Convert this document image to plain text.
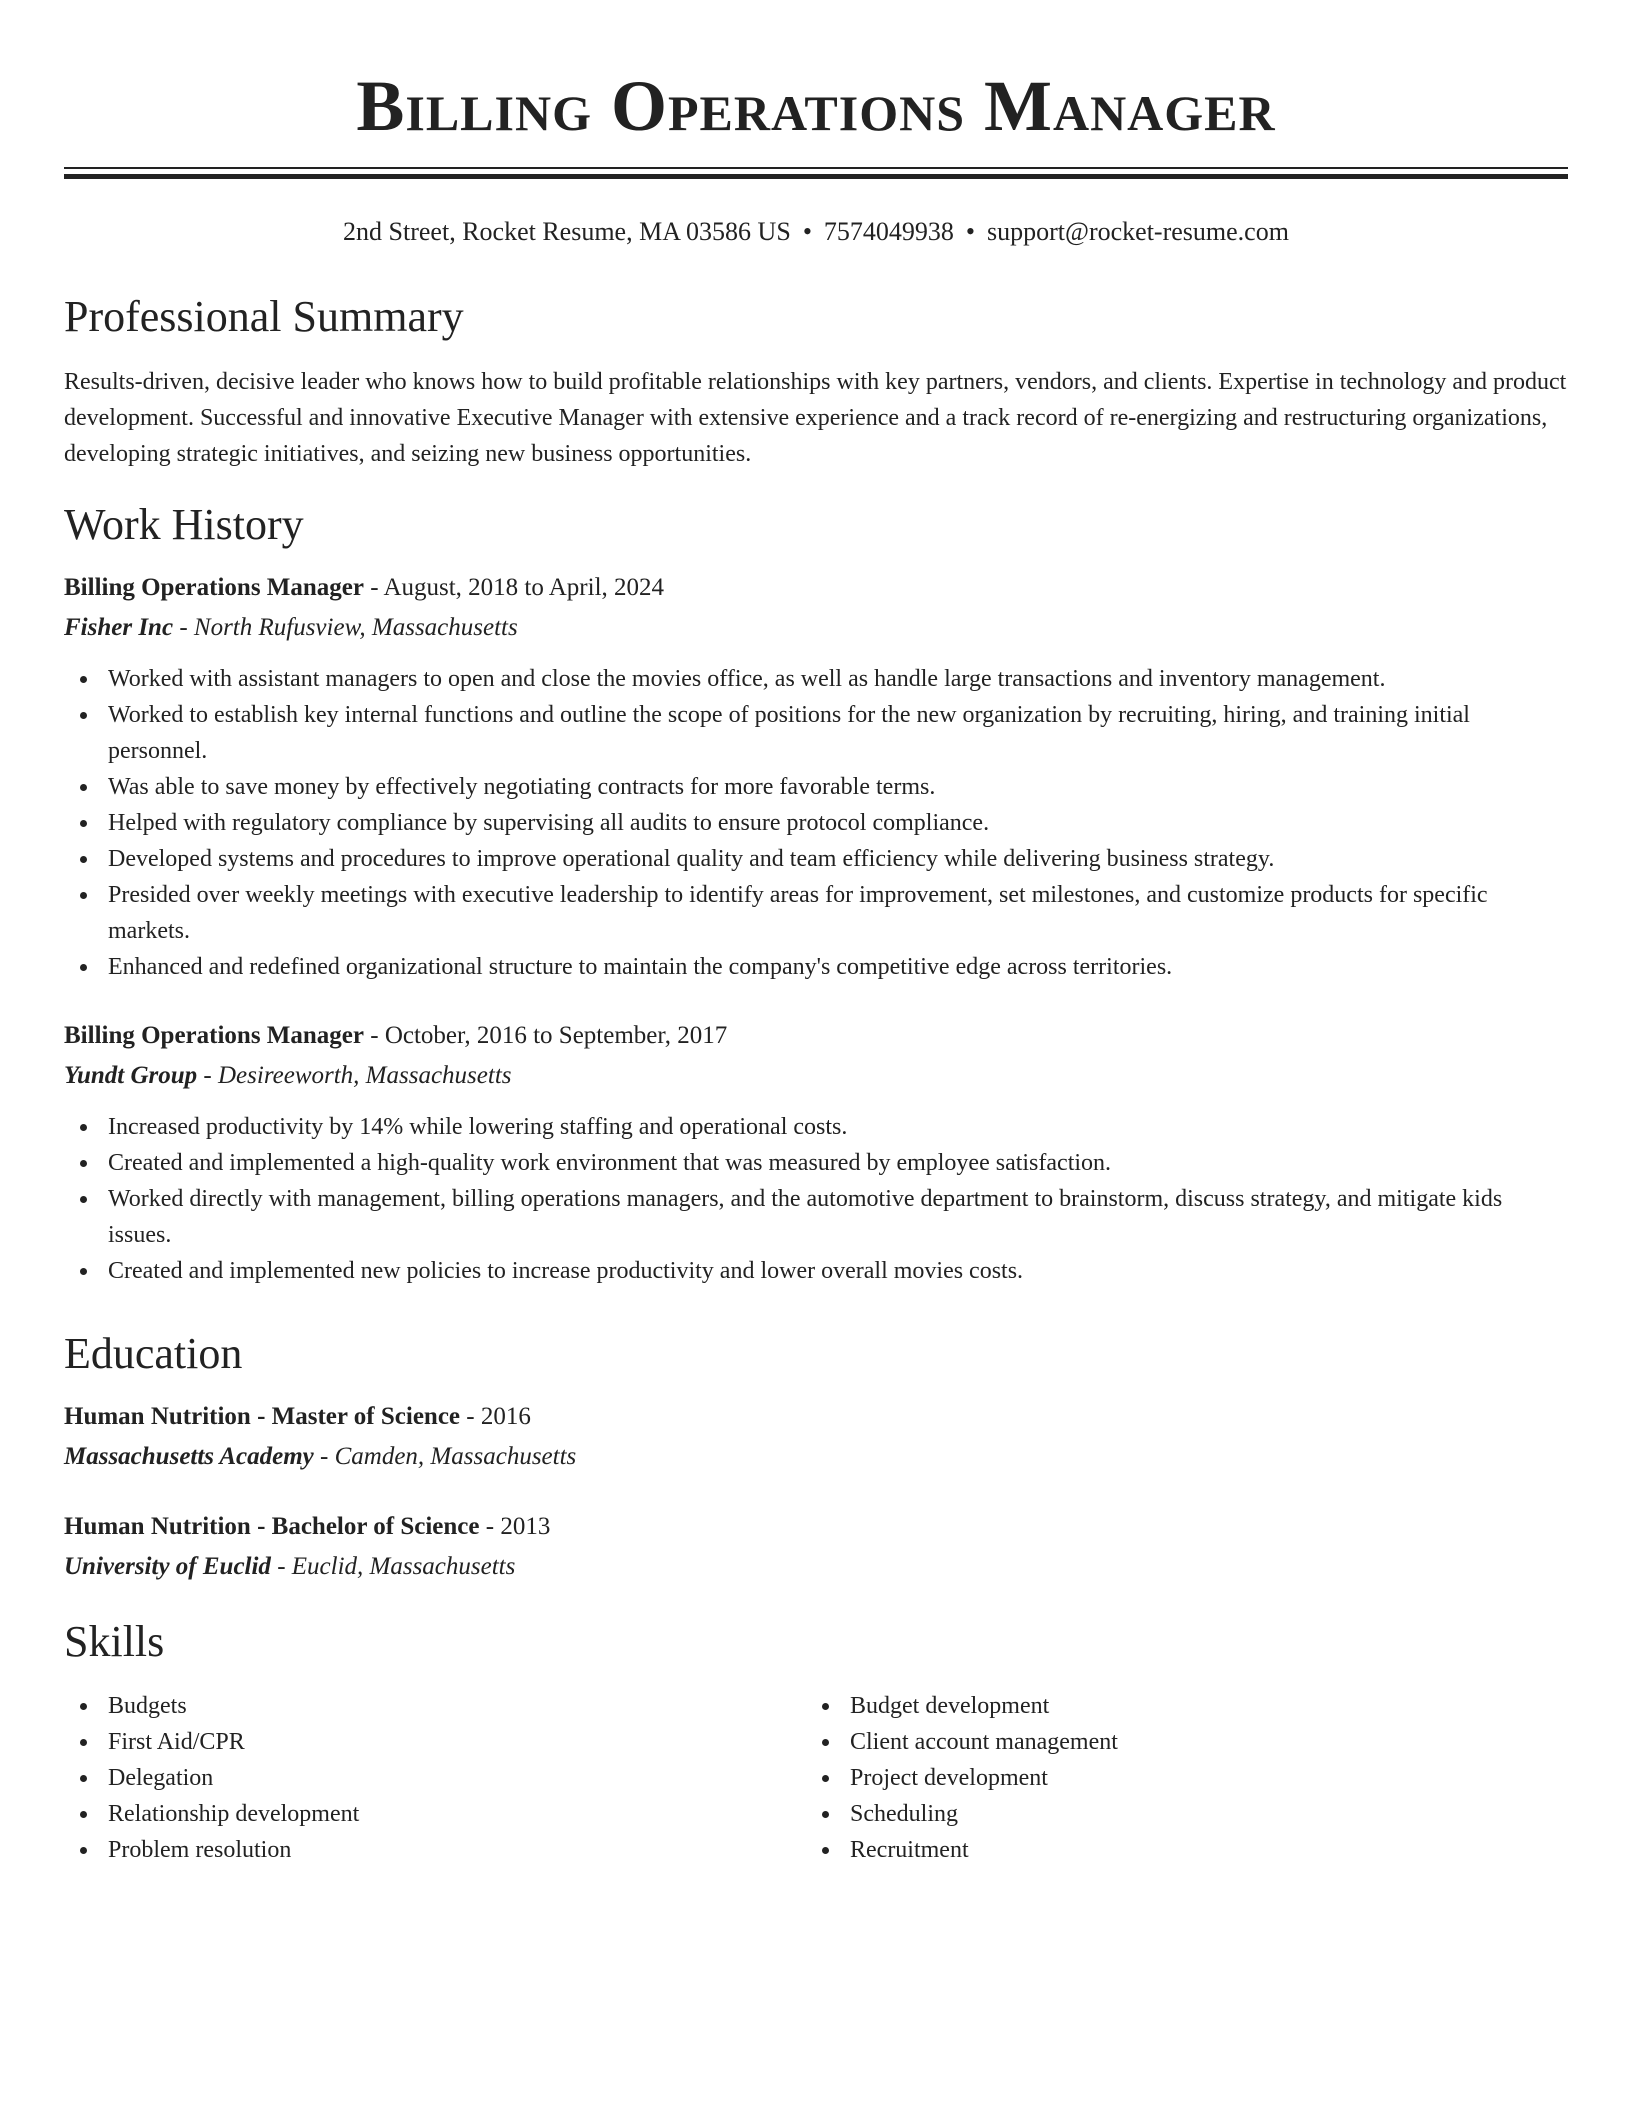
Billing Operations Manager
2nd Street, Rocket Resume, MA 03586 US • 7574049938 • support@rocket-resume.com
Professional Summary

Results-driven, decisive leader who knows how to build profitable relationships with key partners, vendors, and clients. Expertise in technology and product development. Successful and innovative Executive Manager with extensive experience and a track record of re-energizing and restructuring organizations, developing strategic initiatives, and seizing new business opportunities.

Work History
Billing Operations Manager - August, 2018 to April, 2024
Fisher Inc - North Rufusview, Massachusetts
Worked with assistant managers to open and close the movies office, as well as handle large transactions and inventory management.
Worked to establish key internal functions and outline the scope of positions for the new organization by recruiting, hiring, and training initial personnel.
Was able to save money by effectively negotiating contracts for more favorable terms.
Helped with regulatory compliance by supervising all audits to ensure protocol compliance.
Developed systems and procedures to improve operational quality and team efficiency while delivering business strategy.
Presided over weekly meetings with executive leadership to identify areas for improvement, set milestones, and customize products for specific markets.
Enhanced and redefined organizational structure to maintain the company's competitive edge across territories.
Billing Operations Manager - October, 2016 to September, 2017
Yundt Group - Desireeworth, Massachusetts
Increased productivity by 14% while lowering staffing and operational costs.
Created and implemented a high-quality work environment that was measured by employee satisfaction.
Worked directly with management, billing operations managers, and the automotive department to brainstorm, discuss strategy, and mitigate kids issues.
Created and implemented new policies to increase productivity and lower overall movies costs.
Education
Human Nutrition - Master of Science - 2016
Massachusetts Academy - Camden, Massachusetts
Human Nutrition - Bachelor of Science - 2013
University of Euclid - Euclid, Massachusetts
Skills
Budgets
First Aid/CPR
Delegation
Relationship development
Problem resolution
Budget development
Client account management
Project development
Scheduling
Recruitment
